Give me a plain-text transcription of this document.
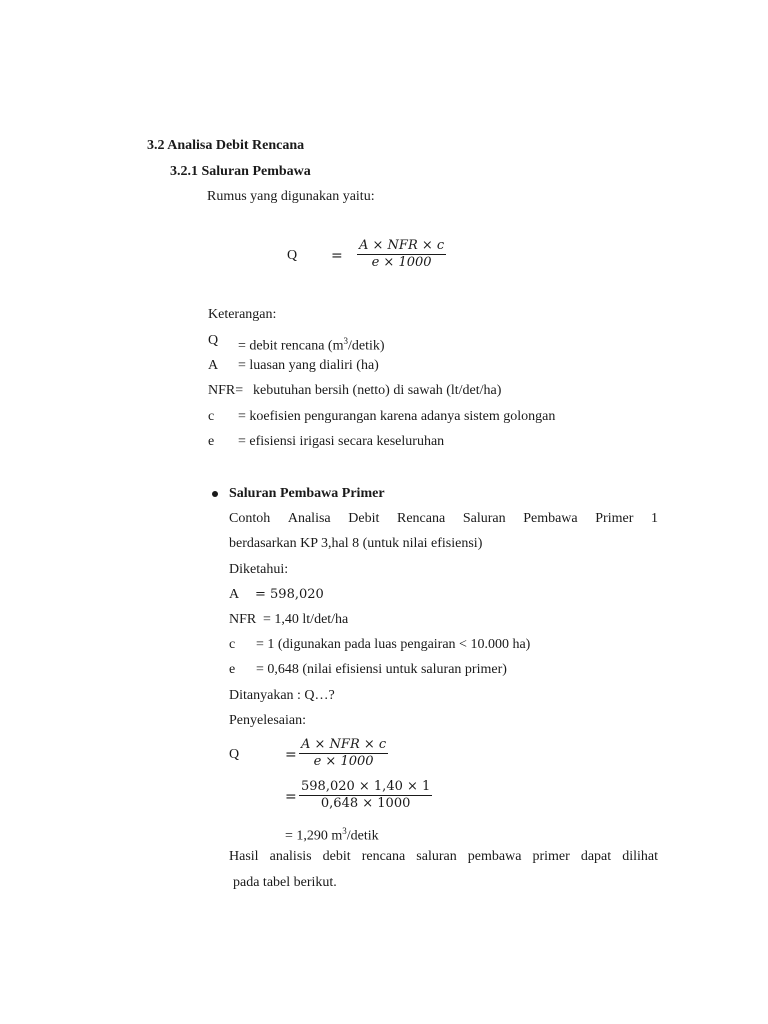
3.2 Analisa Debit Rencana
3.2.1 Saluran Pembawa
Rumus yang digunakan yaitu:
Q =
A × NFR × c
e × 1000
Keterangan:
Q = debit rencana $(m^3/detik)$
A = luasan yang dialiri (ha)
NFR= kebutuhan bersih (netto) di sawah (lt/det/ha)
c = koefisien pengurangan karena adanya sistem golongan
e = efisiensi irigasi secara keseluruhan
Saluran Pembawa Primer
Contoh Analisa Debit Rencana Saluran Pembawa Primer 1
berdasarkan KP 3,hal 8 (untuk nilai efisiensi)
Diketahui:
A = 598,020
NFR = 1,40 lt/det/ha
c = 1 (digunakan pada luas pengairan < 10.000 ha)
e = 0,648 (nilai efisiensi untuk saluran primer)
Ditanyakan : Q…?
Penyelesaian:
Q	=
A × NFR × c
e × 1000
=
598,020 × 1,40 × 1
0,648 × 1000
= 1,290 $m^3$/detik
Hasil analisis debit rencana saluran pembawa primer dapat dilihat
pada tabel berikut.
